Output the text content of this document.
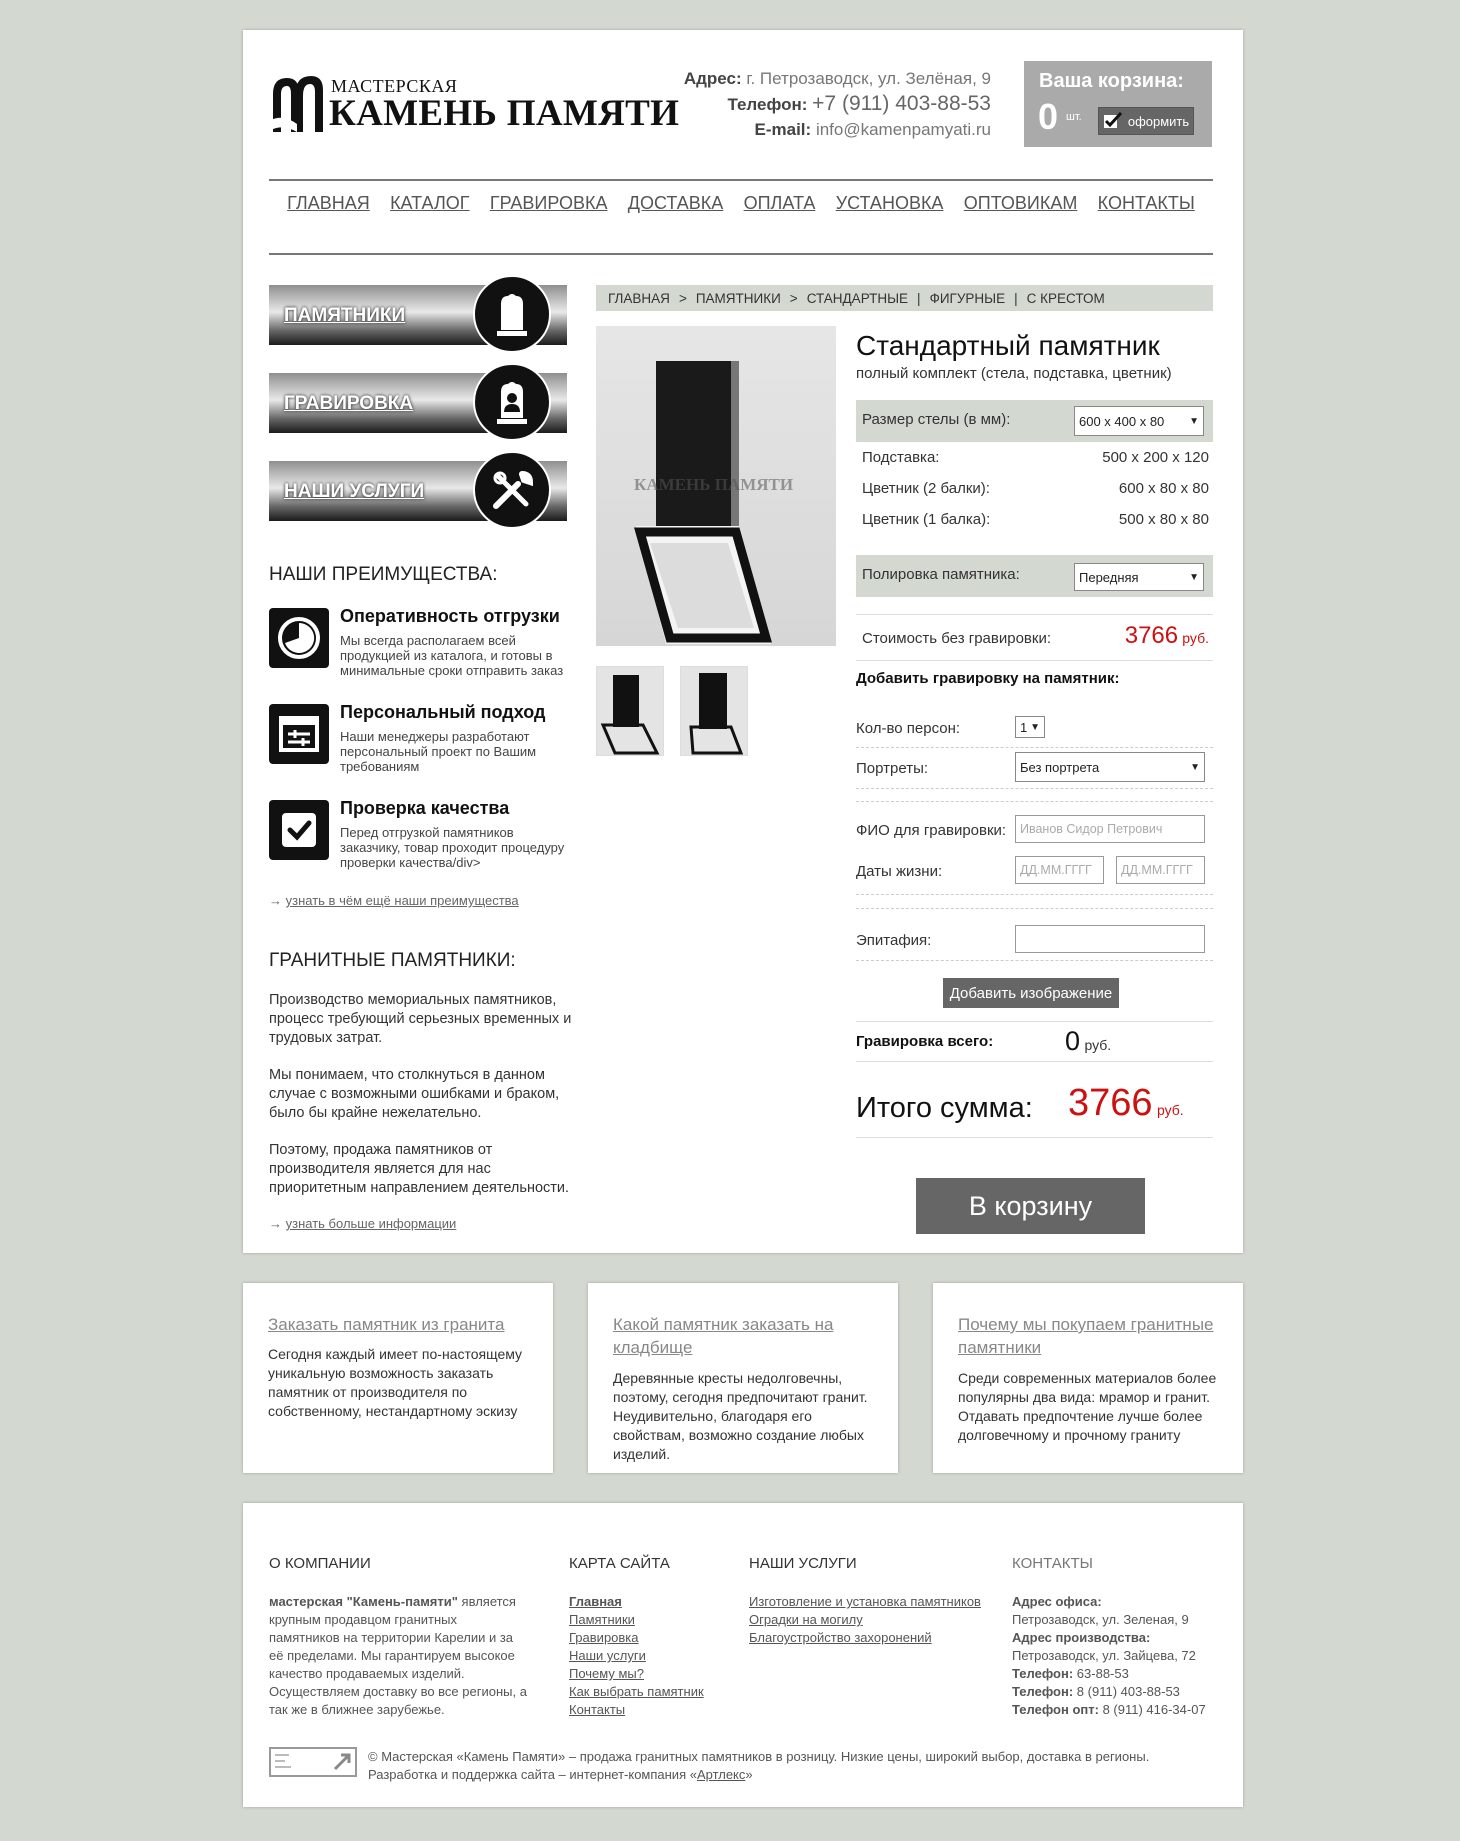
МАСТЕРСКАЯ
КАМЕНЬ ПАМЯТИ
Адрес: г. Петрозаводск, ул. Зелёная, 9
Телефон: +7 (911) 403-88-53
E-mail: info@kamenpamyati.ru
Ваша корзина:
0 шт.	оформить
ГЛАВНАЯ КАТАЛОГ ГРАВИРОВКА ДОСТАВКА ОПЛАТА УСТАНОВКА ОПТОВИКАМ КОНТАКТЫ
ПАМЯТНИКИ
ГРАВИРОВКА
НАШИ УСЛУГИ
НАШИ ПРЕИМУЩЕСТВА:
Оперативность отгрузки
Мы всегда располагаем всей продукцией из каталога, и готовы в минимальные сроки отправить заказ
Персональный подход
Наши менеджеры разработают персональный проект по Вашим требованиям
Проверка качества
Перед отгрузкой памятников заказчику, товар проходит процедуру проверки качества/div>
→ узнать в чём ещё наши преимущества
ГРАНИТНЫЕ ПАМЯТНИКИ:
Производство мемориальных памятников, процесс требующий серьезных временных и трудовых затрат.
Мы понимаем, что столкнуться в данном случае с возможными ошибками и браком, было бы крайне нежелательно.
Поэтому, продажа памятников от производителя является для нас приоритетным направлением деятельности.
→ узнать больше информации
ГЛАВНАЯ > ПАМЯТНИКИ > СТАНДАРТНЫЕ | ФИГУРНЫЕ | С КРЕСТОМ
КАМЕНЬ ПАМЯТИ
Стандартный памятник
полный комплект (стела, подставка, цветник)
Размер стелы (в мм):	600 x 400 x 80 ▼
Подставка:	500 x 200 x 120
Цветник (2 балки):	600 x 80 x 80
Цветник (1 балка):	500 x 80 x 80
Полировка памятника:	Передняя	▼
Стоимость без гравировки:	3766 руб.
Добавить гравировку на памятник:
Кол-во персон:	1 ▼
Портреты:	Без портрета	▼
ФИО для гравировки:	Иванов Сидор Петрович
Даты жизни:	ДД.ММ.ГГГГ	ДД.ММ.ГГГГ
Эпитафия:
Добавить изображение
Гравировка всего:	0 руб.
Итого сумма: 3766 руб.
В корзину
Заказать памятник из гранита
Сегодня каждый имеет по-настоящему уникальную возможность заказать памятник от производителя по собственному, нестандартному эскизу
Какой памятник заказать на кладбище
Деревянные кресты недолговечны, поэтому, сегодня предпочитают гранит. Неудивительно, благодаря его свойствам, возможно создание любых изделий.
Почему мы покупаем гранитные памятники
Среди современных материалов более популярны два вида: мрамор и гранит. Отдавать предпочтение лучше более долговечному и прочному граниту
О КОМПАНИИ
мастерская "Камень-памяти" является крупным продавцом гранитных памятников на территории Карелии и за её пределами. Мы гарантируем высокое качество продаваемых изделий. Осуществляем доставку во все регионы, а так же в ближнее зарубежье.
КАРТА САЙТА
Главная
Памятники
Гравировка
Наши услуги
Почему мы?
Как выбрать памятник
Контакты
НАШИ УСЛУГИ
Изготовление и установка памятников
Оградки на могилу
Благоустройство захоронений
КОНТАКТЫ
Адрес офиса:
Петрозаводск, ул. Зеленая, 9
Адрес производства:
Петрозаводск, ул. Зайцева, 72
Телефон: 63-88-53
Телефон: 8 (911) 403-88-53
Телефон опт: 8 (911) 416-34-07
© Мастерская «Камень Памяти» – продажа гранитных памятников в розницу. Низкие цены, широкий выбор, доставка в регионы.
Разработка и поддержка сайта – интернет-компания «Артлекс»
